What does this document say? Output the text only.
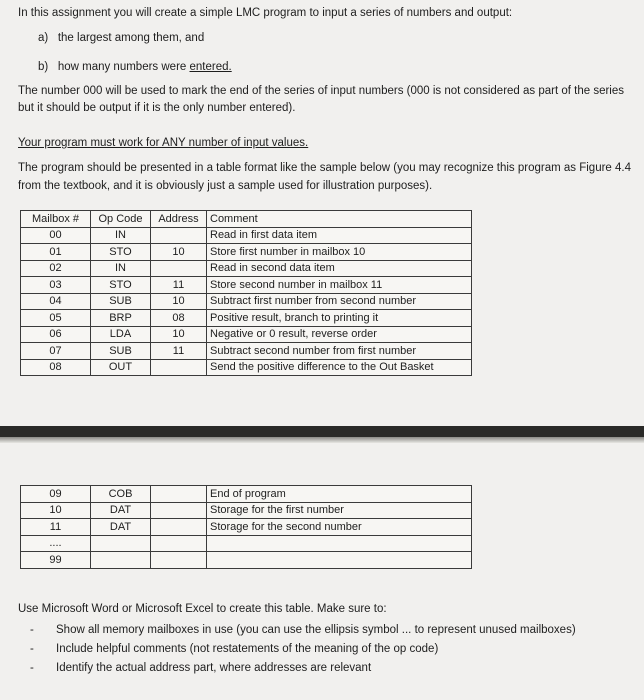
In this assignment you will create a simple LMC program to input a series of numbers and output:
a) the largest among them, and
b) how many numbers were entered.
The number 000 will be used to mark the end of the series of input numbers (000 is not considered as part of the series
but it should be output if it is the only number entered).
Your program must work for ANY number of input values.
The program should be presented in a table format like the sample below (you may recognize this program as Figure 4.4
from the textbook, and it is obviously just a sample used for illustration purposes).
Mailbox #	Op Code	Address	Comment
00	IN		Read in first data item
01	STO	10	Store first number in mailbox 10
02	IN		Read in second data item
03	STO	11	Store second number in mailbox 11
04	SUB	10	Subtract first number from second number
05	BRP	08	Positive result, branch to printing it
06	LDA	10	Negative or 0 result, reverse order
07	SUB	11	Subtract second number from first number
08	OUT		Send the positive difference to the Out Basket
09	COB		End of program
10	DAT		Storage for the first number
11	DAT		Storage for the second number
....			
99			
Use Microsoft Word or Microsoft Excel to create this table. Make sure to:
-	Show all memory mailboxes in use (you can use the ellipsis symbol ... to represent unused mailboxes)
-	Include helpful comments (not restatements of the meaning of the op code)
-	Identify the actual address part, where addresses are relevant
